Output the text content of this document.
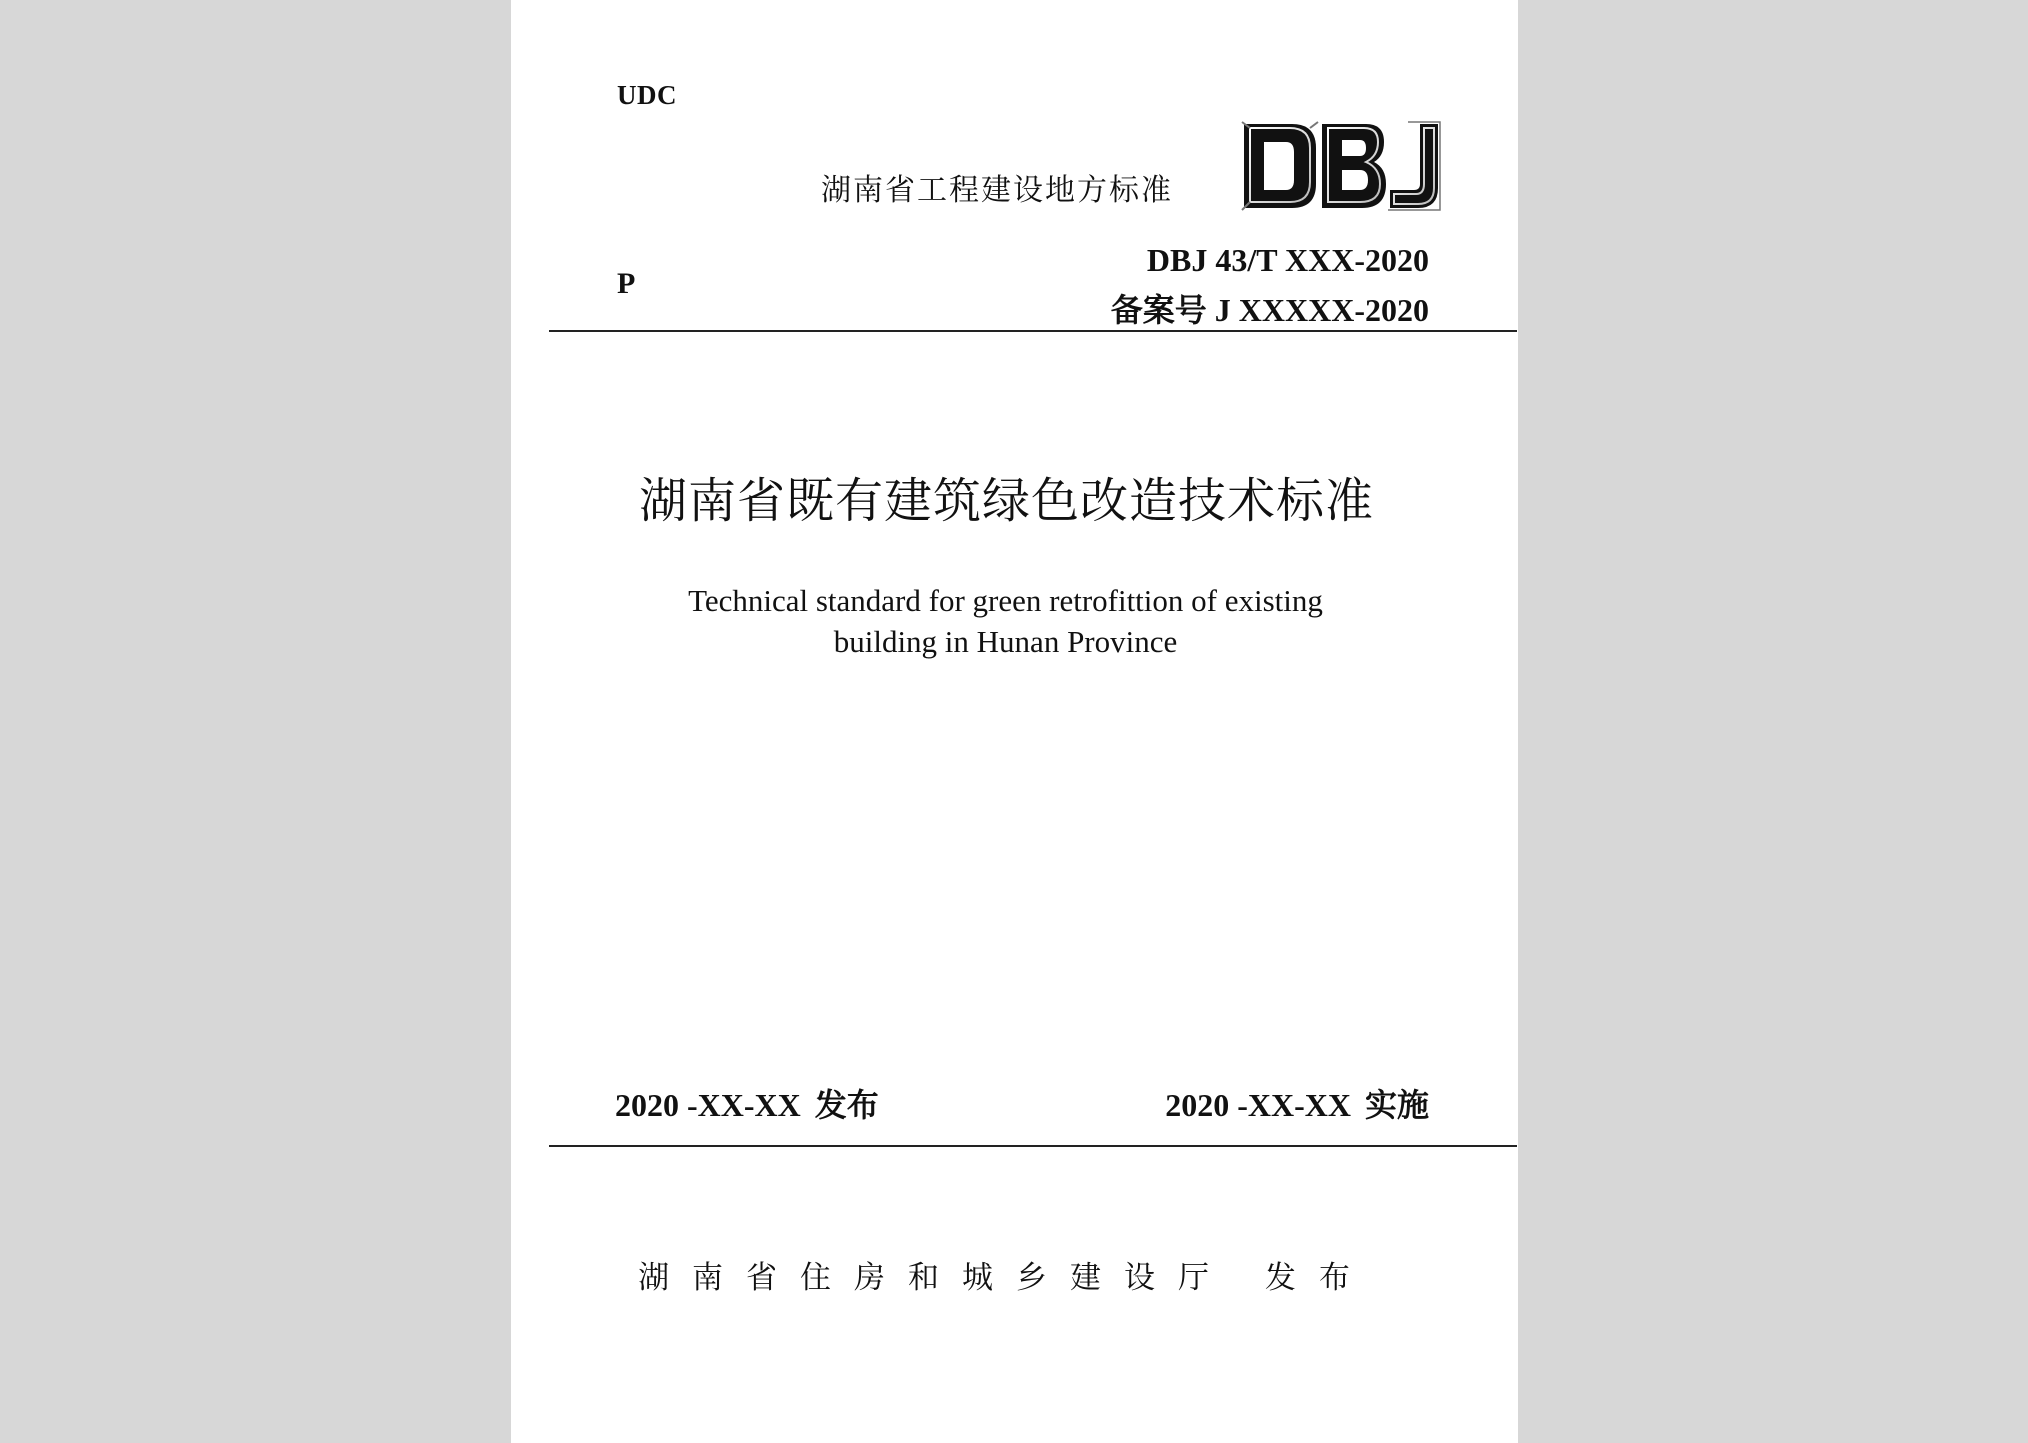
UDC
湖南省工程建设地方标准
P
DBJ 43/T XXX-2020
备案号 J XXXXX-2020
湖南省既有建筑绿色改造技术标准
Technical standard for green retrofittion of existing
building in Hunan Province
2020 -XX-XX 发布	2020 -XX-XX 实施
湖南省住房和城乡建设厅 发布
